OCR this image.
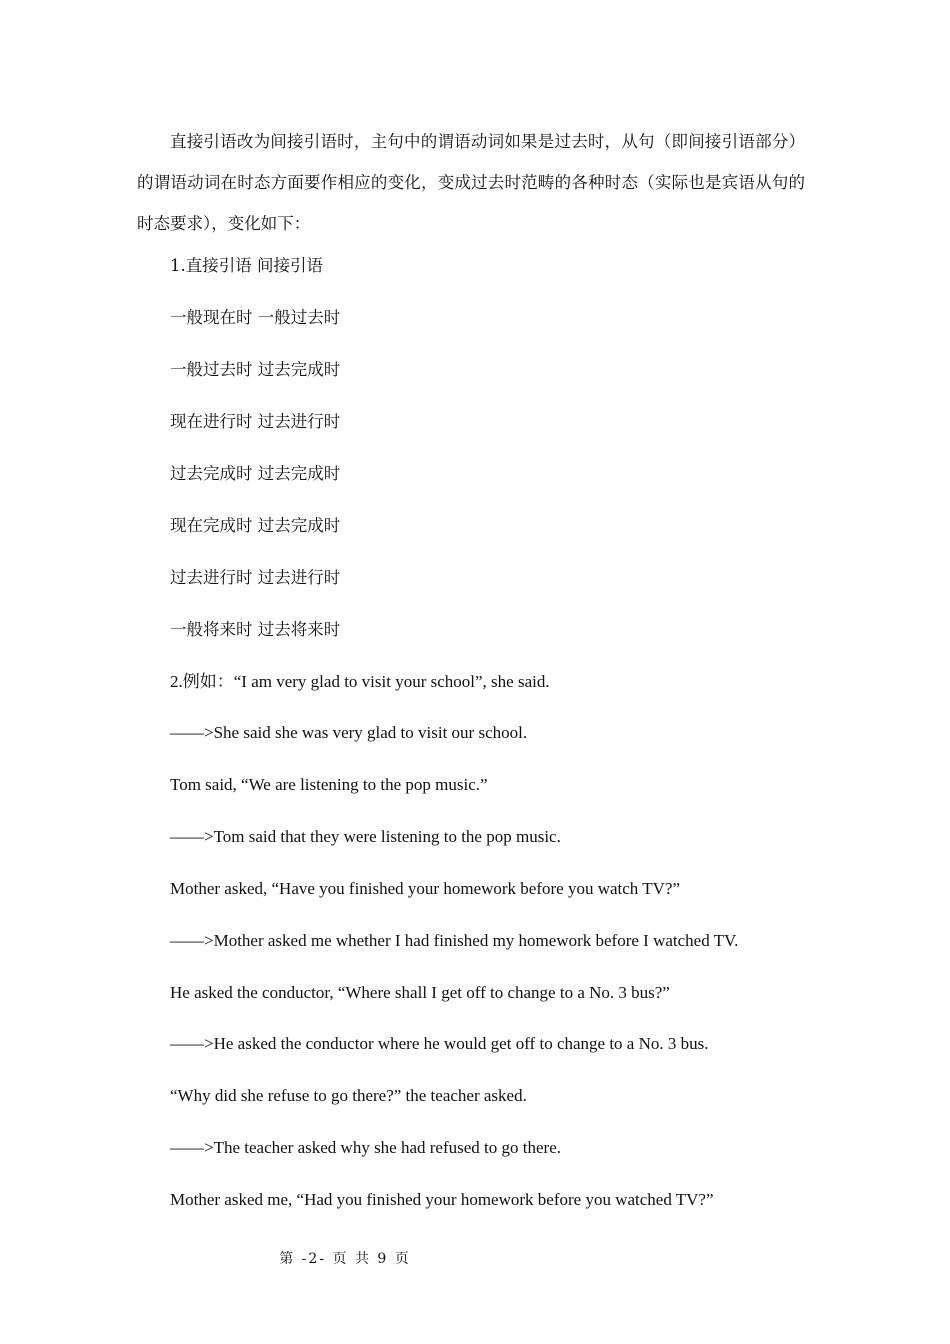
直接引语改为间接引语时，主句中的谓语动词如果是过去时，从句（即间接引语部分）的谓语动词在时态方面要作相应的变化，变成过去时范畴的各种时态（实际也是宾语从句的时态要求），变化如下：

1.直接引语 间接引语

一般现在时 一般过去时

一般过去时 过去完成时

现在进行时 过去进行时

过去完成时 过去完成时

现在完成时 过去完成时

过去进行时 过去进行时

一般将来时 过去将来时

2.例如：“I am very glad to visit your school”, she said.

——>She said she was very glad to visit our school.

Tom said, “We are listening to the pop music.”

——>Tom said that they were listening to the pop music.

Mother asked, “Have you finished your homework before you watch TV?”

——>Mother asked me whether I had finished my homework before I watched TV.

He asked the conductor, “Where shall I get off to change to a No. 3 bus?”

——>He asked the conductor where he would get off to change to a No. 3 bus.

“Why did she refuse to go there?” the teacher asked.

——>The teacher asked why she had refused to go there.

Mother asked me, “Had you finished your homework before you watched TV?”

第 -2- 页 共 9 页
